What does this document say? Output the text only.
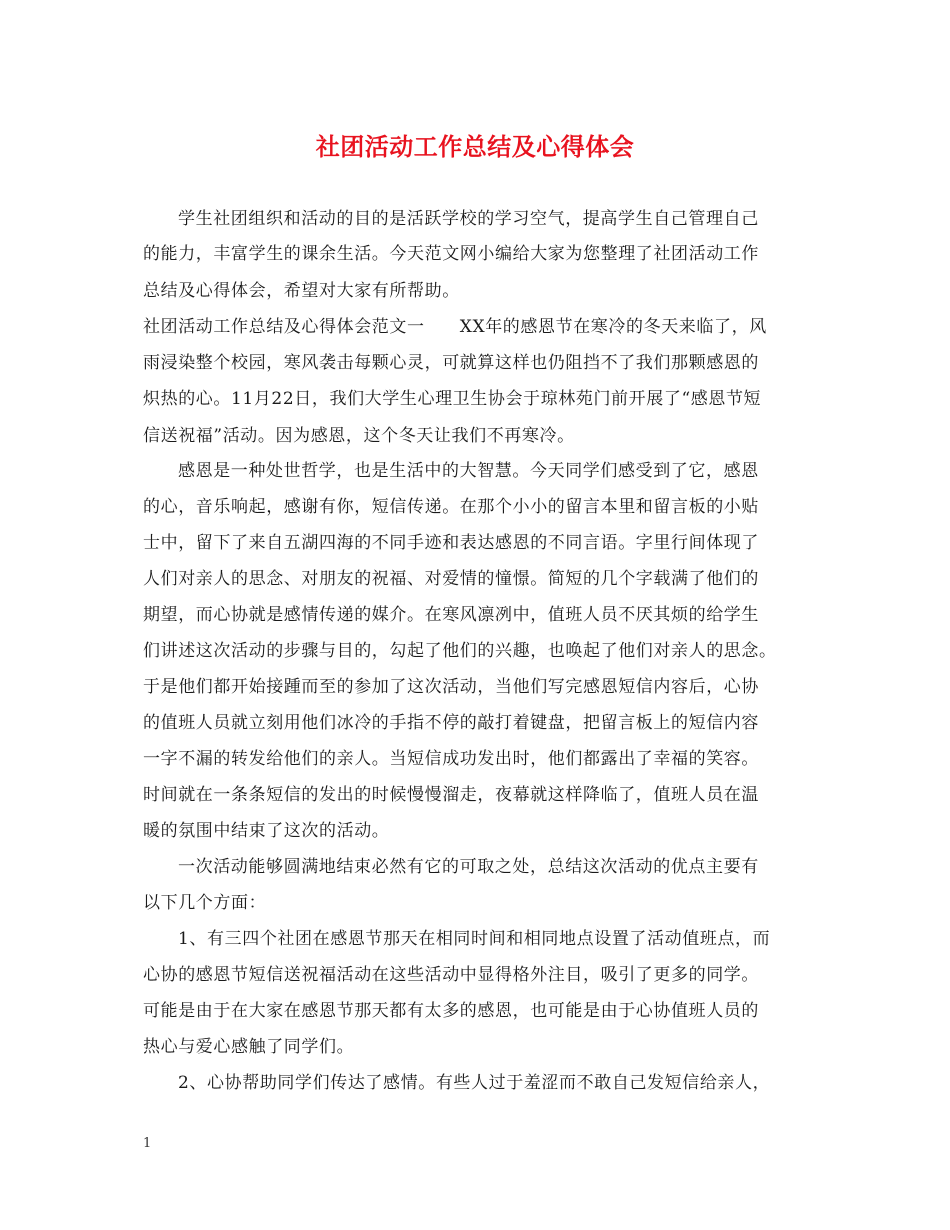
社团活动工作总结及心得体会
学生社团组织和活动的目的是活跃学校的学习空气，提高学生自己管理自己
的能力，丰富学生的课余生活。今天范文网小编给大家为您整理了社团活动工作
总结及心得体会，希望对大家有所帮助。
社团活动工作总结及心得体会范文一　　XX年的感恩节在寒冷的冬天来临了，风
雨浸染整个校园，寒风袭击每颗心灵，可就算这样也仍阻挡不了我们那颗感恩的
炽热的心。11月22日，我们大学生心理卫生协会于琼林苑门前开展了“感恩节短
信送祝福”活动。因为感恩，这个冬天让我们不再寒冷。
感恩是一种处世哲学，也是生活中的大智慧。今天同学们感受到了它，感恩
的心，音乐响起，感谢有你，短信传递。在那个小小的留言本里和留言板的小贴
士中，留下了来自五湖四海的不同手迹和表达感恩的不同言语。字里行间体现了
人们对亲人的思念、对朋友的祝福、对爱情的憧憬。简短的几个字载满了他们的
期望，而心协就是感情传递的媒介。在寒风凛冽中，值班人员不厌其烦的给学生
们讲述这次活动的步骤与目的，勾起了他们的兴趣，也唤起了他们对亲人的思念。
于是他们都开始接踵而至的参加了这次活动，当他们写完感恩短信内容后，心协
的值班人员就立刻用他们冰冷的手指不停的敲打着键盘，把留言板上的短信内容
一字不漏的转发给他们的亲人。当短信成功发出时，他们都露出了幸福的笑容。
时间就在一条条短信的发出的时候慢慢溜走，夜幕就这样降临了，值班人员在温
暖的氛围中结束了这次的活动。
一次活动能够圆满地结束必然有它的可取之处，总结这次活动的优点主要有
以下几个方面：
1、有三四个社团在感恩节那天在相同时间和相同地点设置了活动值班点，而
心协的感恩节短信送祝福活动在这些活动中显得格外注目，吸引了更多的同学。
可能是由于在大家在感恩节那天都有太多的感恩，也可能是由于心协值班人员的
热心与爱心感触了同学们。
2、心协帮助同学们传达了感情。有些人过于羞涩而不敢自己发短信给亲人，
1
